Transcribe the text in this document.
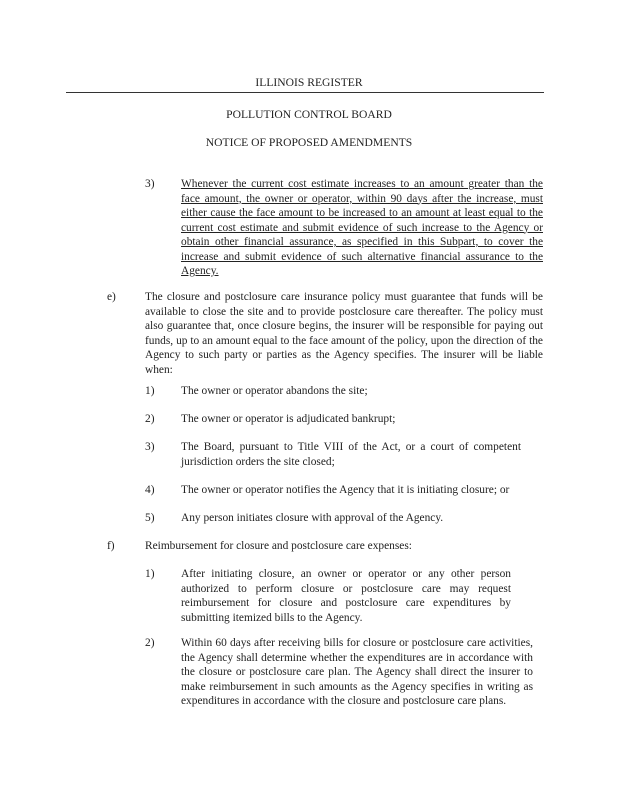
ILLINOIS REGISTER
POLLUTION CONTROL BOARD
NOTICE OF PROPOSED AMENDMENTS
3) Whenever the current cost estimate increases to an amount greater than the face amount, the owner or operator, within 90 days after the increase, must either cause the face amount to be increased to an amount at least equal to the current cost estimate and submit evidence of such increase to the Agency or obtain other financial assurance, as specified in this Subpart, to cover the increase and submit evidence of such alternative financial assurance to the Agency.
e)	The closure and postclosure care insurance policy must guarantee that funds will be available to close the site and to provide postclosure care thereafter. The policy must also guarantee that, once closure begins, the insurer will be responsible for paying out funds, up to an amount equal to the face amount of the policy, upon the direction of the Agency to such party or parties as the Agency specifies. The insurer will be liable when:
1) The owner or operator abandons the site;
2) The owner or operator is adjudicated bankrupt;
3) The Board, pursuant to Title VIII of the Act, or a court of competent jurisdiction orders the site closed;
4) The owner or operator notifies the Agency that it is initiating closure; or
5) Any person initiates closure with approval of the Agency.
f)	Reimbursement for closure and postclosure care expenses:
1) After initiating closure, an owner or operator or any other person authorized to perform closure or postclosure care may request reimbursement for closure and postclosure care expenditures by submitting itemized bills to the Agency.
2) Within 60 days after receiving bills for closure or postclosure care activities, the Agency shall determine whether the expenditures are in accordance with the closure or postclosure care plan. The Agency shall direct the insurer to make reimbursement in such amounts as the Agency specifies in writing as expenditures in accordance with the closure and postclosure care plans.
